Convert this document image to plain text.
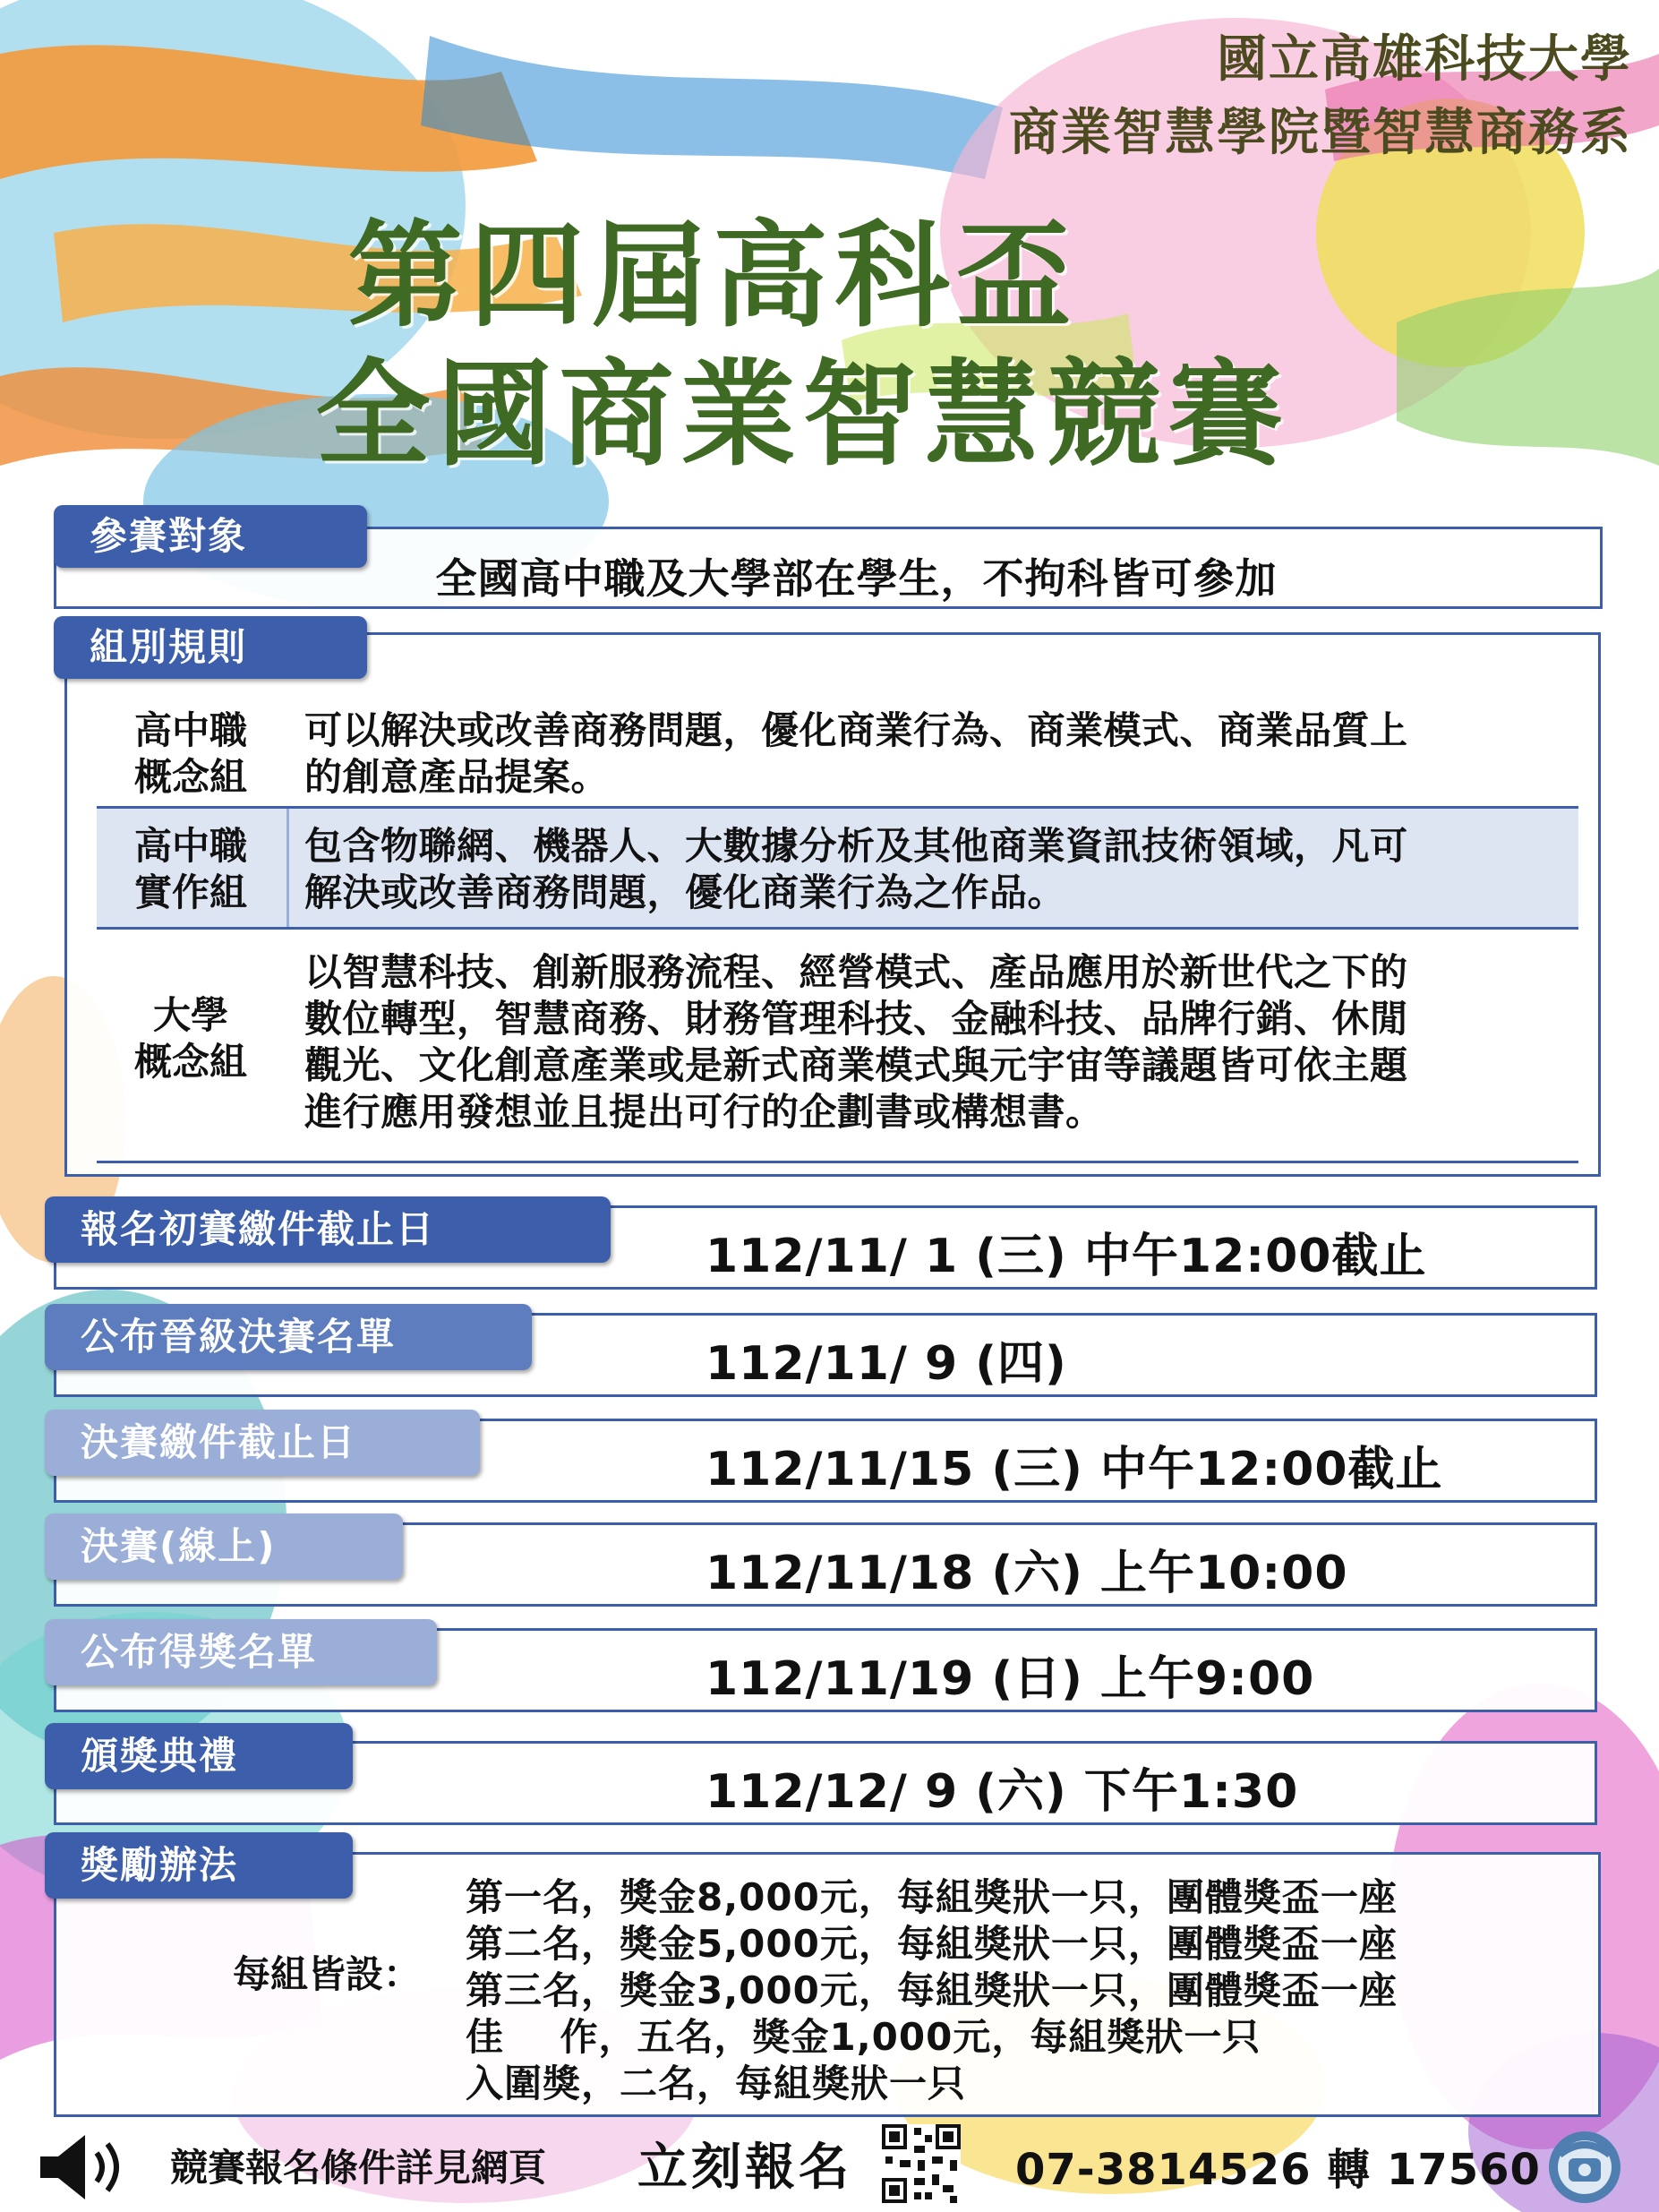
國立高雄科技大學
商業智慧學院暨智慧商務系
第四屆高科盃
全國商業智慧競賽
參賽對象
全國高中職及大學部在學生，不拘科皆可參加
組別規則
高中職
概念組
可以解決或改善商務問題，優化商業行為、商業模式、商業品質上
的創意產品提案。
高中職
實作組
包含物聯網、機器人、大數據分析及其他商業資訊技術領域，凡可
解決或改善商務問題，優化商業行為之作品。
大學
概念組
以智慧科技、創新服務流程、經營模式、產品應用於新世代之下的
數位轉型，智慧商務、財務管理科技、金融科技、品牌行銷、休閒
觀光、文化創意產業或是新式商業模式與元宇宙等議題皆可依主題
進行應用發想並且提出可行的企劃書或構想書。
報名初賽繳件截止日
112/11/ 1 (三) 中午12:00截止
公布晉級決賽名單
112/11/ 9 (四)
決賽繳件截止日
112/11/15 (三) 中午12:00截止
決賽(線上)
112/11/18 (六) 上午10:00
公布得獎名單
112/11/19 (日) 上午9:00
頒獎典禮
112/12/ 9 (六) 下午1:30
獎勵辦法
每組皆設：
第一名，獎金8,000元，每組獎狀一只，團體獎盃一座
第二名，獎金5,000元，每組獎狀一只，團體獎盃一座
第三名，獎金3,000元，每組獎狀一只，團體獎盃一座
佳    作，五名，獎金1,000元，每組獎狀一只
入圍獎，二名，每組獎狀一只
競賽報名條件詳見網頁 立刻報名	07-3814526 轉 17560
